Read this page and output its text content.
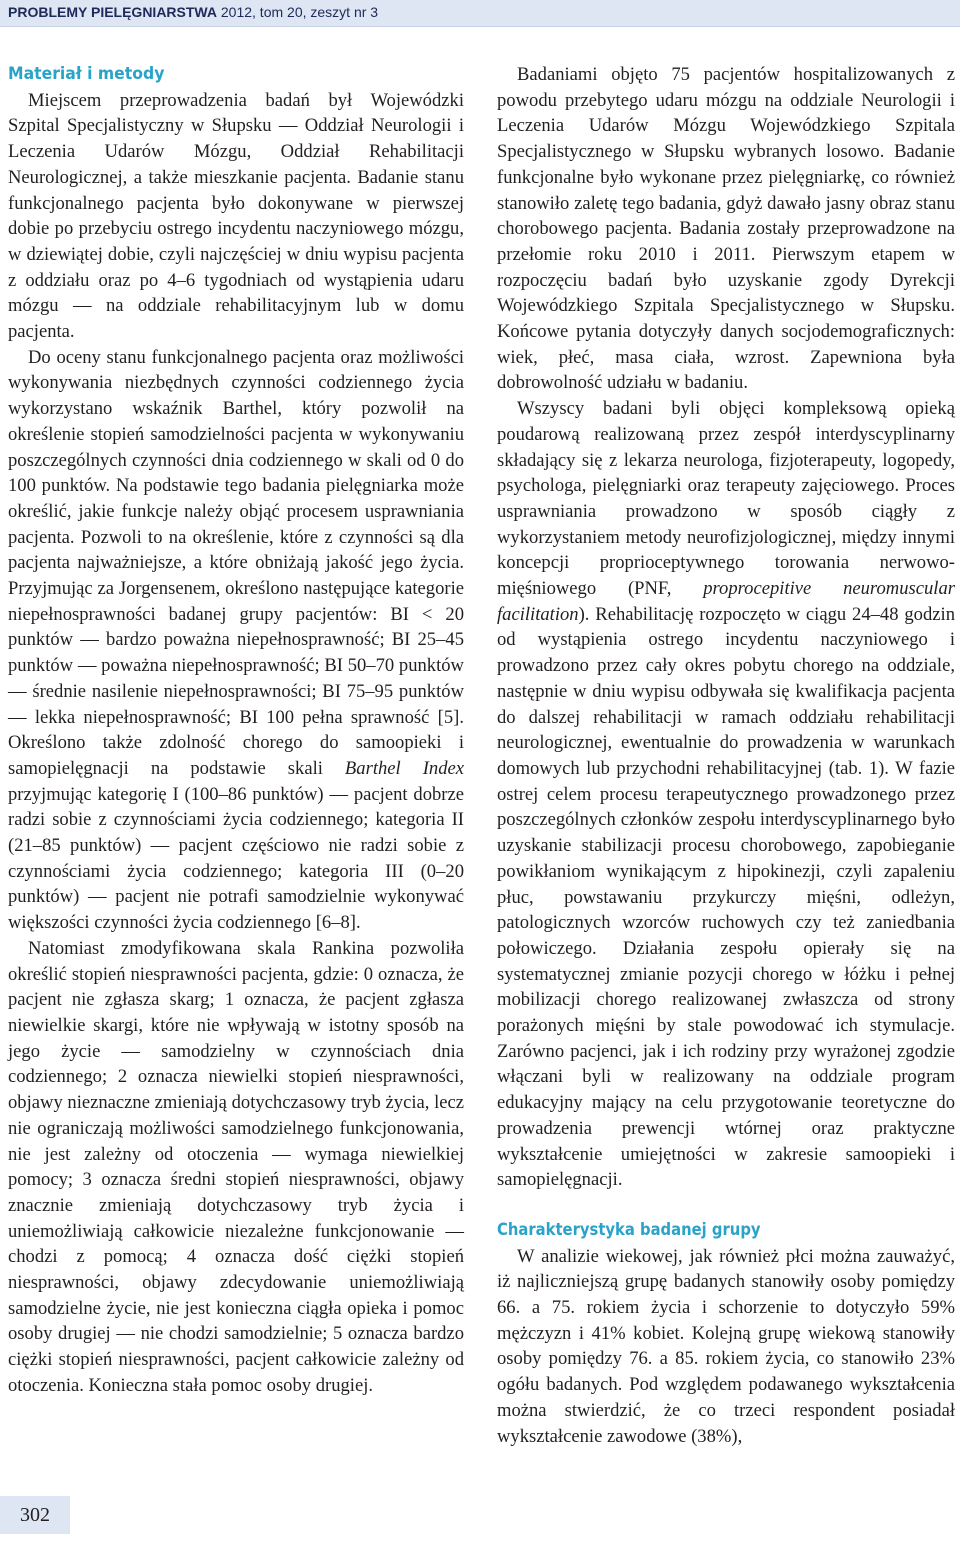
PROBLEMY PIELĘGNIARSTWA 2012, tom 20, zeszyt nr 3
Materiał i metody

Miejscem przeprowadzenia badań był Wojewódzki Szpital Specjalistyczny w Słupsku — Oddział Neurologii i Leczenia Udarów Mózgu, Oddział Rehabilitacji Neurologicznej, a także mieszkanie pacjenta. Badanie stanu funkcjonalnego pacjenta było dokonywane w pierwszej dobie po przebyciu ostrego incydentu naczyniowego mózgu, w dziewiątej dobie, czyli najczęściej w dniu wypisu pacjenta z oddziału oraz po 4–6 tygodniach od wystąpienia udaru mózgu — na oddziale rehabilitacyjnym lub w domu pacjenta.

Do oceny stanu funkcjonalnego pacjenta oraz możliwości wykonywania niezbędnych czynności codziennego życia wykorzystano wskaźnik Barthel, który pozwolił na określenie stopień samodzielności pacjenta w wykonywaniu poszczególnych czynności dnia codziennego w skali od 0 do 100 punktów. Na podstawie tego badania pielęgniarka może określić, jakie funkcje należy objąć procesem usprawniania pacjenta. Pozwoli to na określenie, które z czynności są dla pacjenta najważniejsze, a które obniżają jakość jego życia. Przyjmując za Jorgensenem, określono następujące kategorie niepełnosprawności badanej grupy pacjentów: BI < 20 punktów — bardzo poważna niepełnosprawność; BI 25–45 punktów — poważna niepełnosprawność; BI 50–70 punktów — średnie nasilenie niepełnosprawności; BI 75–95 punktów — lekka niepełnosprawność; BI 100 pełna sprawność [5]. Określono także zdolność chorego do samoopieki i samopielęgnacji na podstawie skali Barthel Index przyjmując kategorię I (100–86 punktów) — pacjent dobrze radzi sobie z czynnościami życia codziennego; kategoria II (21–85 punktów) — pacjent częściowo nie radzi sobie z czynnościami życia codziennego; kategoria III (0–20 punktów) — pacjent nie potrafi samodzielnie wykonywać większości czynności życia codziennego [6–8].

Natomiast zmodyfikowana skala Rankina pozwoliła określić stopień niesprawności pacjenta, gdzie: 0 oznacza, że pacjent nie zgłasza skarg; 1 oznacza, że pacjent zgłasza niewielkie skargi, które nie wpływają w istotny sposób na jego życie — samodzielny w czynnościach dnia codziennego; 2 oznacza niewielki stopień niesprawności, objawy nieznaczne zmieniają dotychczasowy tryb życia, lecz nie ograniczają możliwości samodzielnego funkcjonowania, nie jest zależny od otoczenia — wymaga niewielkiej pomocy; 3 oznacza średni stopień niesprawności, objawy znacznie zmieniają dotychczasowy tryb życia i uniemożliwiają całkowicie niezależne funkcjonowanie — chodzi z pomocą; 4 oznacza dość ciężki stopień niesprawności, objawy zdecydowanie uniemożliwiają samodzielne życie, nie jest konieczna ciągła opieka i pomoc osoby drugiej — nie chodzi samodzielnie; 5 oznacza bardzo ciężki stopień niesprawności, pacjent całkowicie zależny od otoczenia. Konieczna stała pomoc osoby drugiej.

Badaniami objęto 75 pacjentów hospitalizowanych z powodu przebytego udaru mózgu na oddziale Neurologii i Leczenia Udarów Mózgu Wojewódzkiego Szpitala Specjalistycznego w Słupsku wybranych losowo. Badanie funkcjonalne było wykonane przez pielęgniarkę, co również stanowiło zaletę tego badania, gdyż dawało jasny obraz stanu chorobowego pacjenta. Badania zostały przeprowadzone na przełomie roku 2010 i 2011. Pierwszym etapem w rozpoczęciu badań było uzyskanie zgody Dyrekcji Wojewódzkiego Szpitala Specjalistycznego w Słupsku. Końcowe pytania dotyczyły danych socjodemograficznych: wiek, płeć, masa ciała, wzrost. Zapewniona była dobrowolność udziału w badaniu.

Wszyscy badani byli objęci kompleksową opieką poudarową realizowaną przez zespół interdyscyplinarny składający się z lekarza neurologa, fizjoterapeuty, logopedy, psychologa, pielęgniarki oraz terapeuty zajęciowego. Proces usprawniania prowadzono w sposób ciągły z wykorzystaniem metody neurofizjologicznej, między innymi koncepcji proprioceptywnego torowania nerwowo-mięśniowego (PNF, proprocepitive neuromuscular facilitation). Rehabilitację rozpoczęto w ciągu 24–48 godzin od wystąpienia ostrego incydentu naczyniowego i prowadzono przez cały okres pobytu chorego na oddziale, następnie w dniu wypisu odbywała się kwalifikacja pacjenta do dalszej rehabilitacji w ramach oddziału rehabilitacji neurologicznej, ewentualnie do prowadzenia w warunkach domowych lub przychodni rehabilitacyjnej (tab. 1). W fazie ostrej celem procesu terapeutycznego prowadzonego przez poszczególnych członków zespołu interdyscyplinarnego było uzyskanie stabilizacji procesu chorobowego, zapobieganie powikłaniom wynikającym z hipokinezji, czyli zapaleniu płuc, powstawaniu przykurczy mięśni, odleżyn, patologicznych wzorców ruchowych czy też zaniedbania połowiczego. Działania zespołu opierały się na systematycznej zmianie pozycji chorego w łóżku i pełnej mobilizacji chorego realizowanej zwłaszcza od strony porażonych mięśni by stale powodować ich stymulacje. Zarówno pacjenci, jak i ich rodziny przy wyrażonej zgodzie włączani byli w realizowany na oddziale program edukacyjny mający na celu przygotowanie teoretyczne do prowadzenia prewencji wtórnej oraz praktyczne wykształcenie umiejętności w zakresie samoopieki i samopielęgnacji.

Charakterystyka badanej grupy

W analizie wiekowej, jak również płci można zauważyć, iż najliczniejszą grupę badanych stanowiły osoby pomiędzy 66. a 75. rokiem życia i schorzenie to dotyczyło 59% mężczyzn i 41% kobiet. Kolejną grupę wiekową stanowiły osoby pomiędzy 76. a 85. rokiem życia, co stanowiło 23% ogółu badanych. Pod względem podawanego wykształcenia można stwierdzić, że co trzeci respondent posiadał wykształcenie zawodowe (38%),

302
